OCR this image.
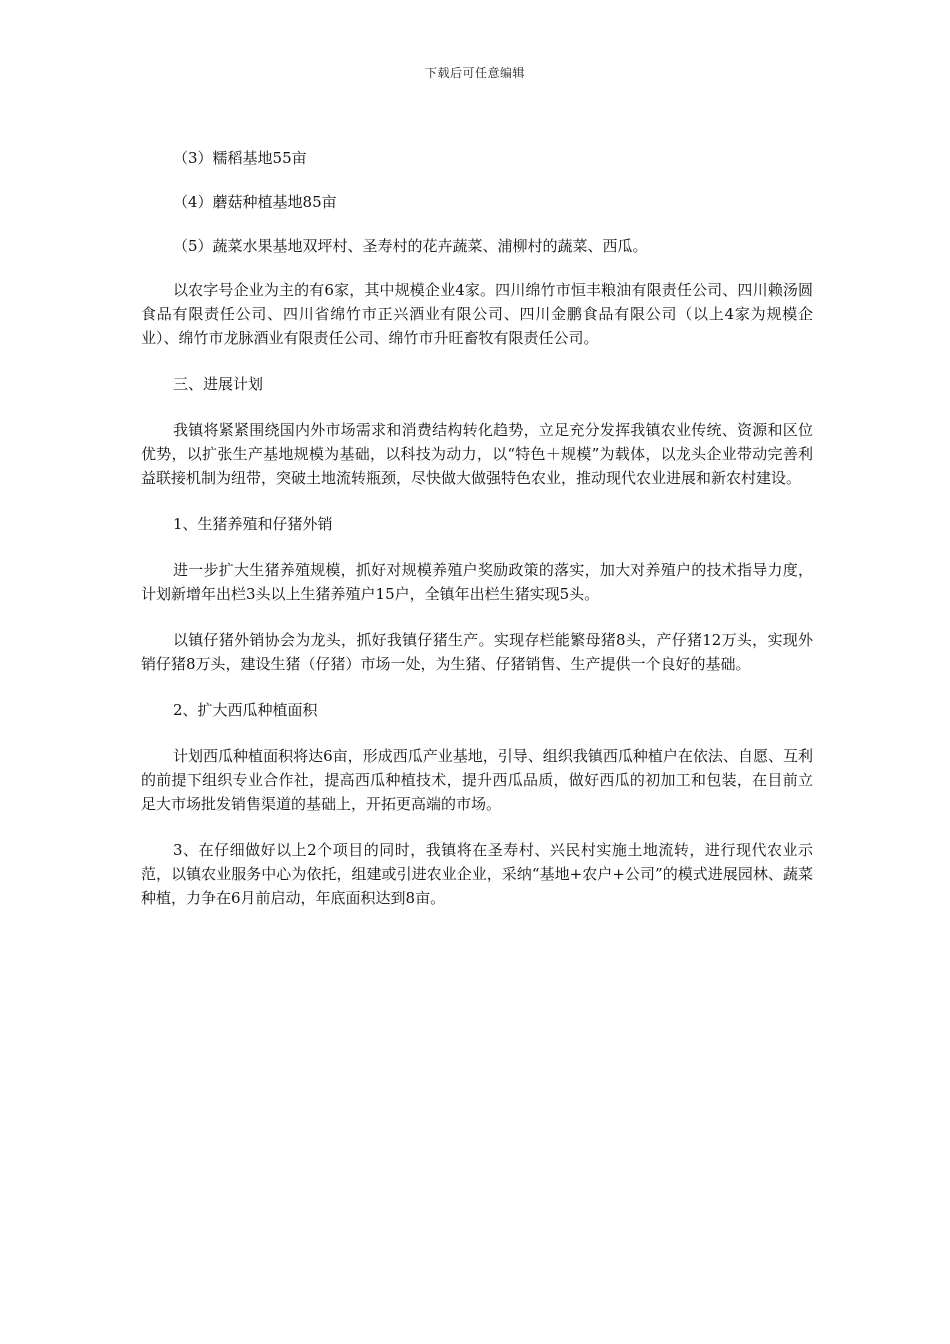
下载后可任意编辑

（3）糯稻基地55亩

（4）蘑菇种植基地85亩

（5）蔬菜水果基地双坪村、圣寿村的花卉蔬菜、浦柳村的蔬菜、西瓜。

以农字号企业为主的有6家，其中规模企业4家。四川绵竹市恒丰粮油有限责任公司、四川赖汤圆食品有限责任公司、四川省绵竹市正兴酒业有限公司、四川金鹏食品有限公司（以上4家为规模企业）、绵竹市龙脉酒业有限责任公司、绵竹市升旺畜牧有限责任公司。

三、进展计划

我镇将紧紧围绕国内外市场需求和消费结构转化趋势，立足充分发挥我镇农业传统、资源和区位优势，以扩张生产基地规模为基础，以科技为动力，以“特色＋规模”为载体，以龙头企业带动完善利益联接机制为纽带，突破土地流转瓶颈，尽快做大做强特色农业，推动现代农业进展和新农村建设。

1、生猪养殖和仔猪外销

进一步扩大生猪养殖规模，抓好对规模养殖户奖励政策的落实，加大对养殖户的技术指导力度，计划新增年出栏3头以上生猪养殖户15户，全镇年出栏生猪实现5头。

以镇仔猪外销协会为龙头，抓好我镇仔猪生产。实现存栏能繁母猪8头，产仔猪12万头，实现外销仔猪8万头，建设生猪（仔猪）市场一处，为生猪、仔猪销售、生产提供一个良好的基础。

2、扩大西瓜种植面积

计划西瓜种植面积将达6亩，形成西瓜产业基地，引导、组织我镇西瓜种植户在依法、自愿、互利的前提下组织专业合作社，提高西瓜种植技术，提升西瓜品质，做好西瓜的初加工和包装，在目前立足大市场批发销售渠道的基础上，开拓更高端的市场。

3、在仔细做好以上2个项目的同时，我镇将在圣寿村、兴民村实施土地流转，进行现代农业示范，以镇农业服务中心为依托，组建或引进农业企业，采纳“基地+农户+公司”的模式进展园林、蔬菜种植，力争在6月前启动，年底面积达到8亩。
